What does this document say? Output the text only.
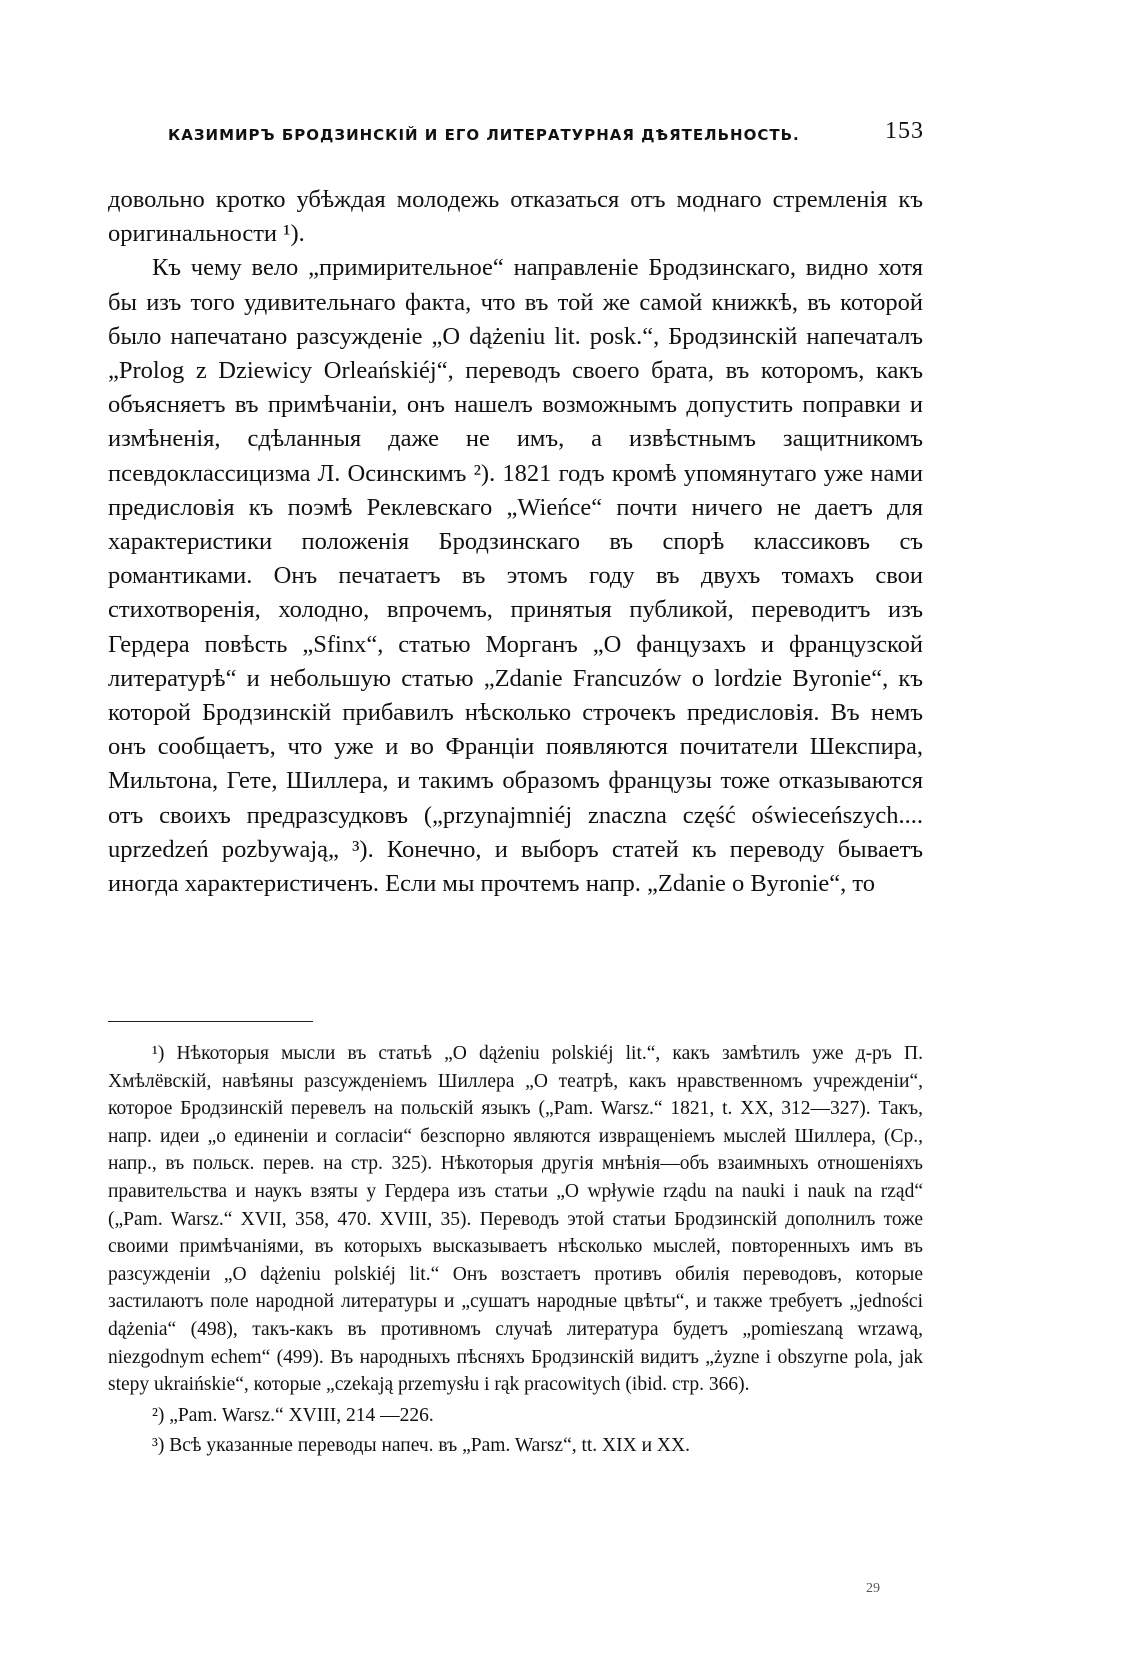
КАЗИМИРЪ БРОДЗИНСКІЙ И ЕГО ЛИТЕРАТУРНАЯ ДѢЯТЕЛЬНОСТЬ.	153

довольно кротко убѣждая молодежь отказаться отъ моднаго стремленія къ оригинальности ¹).

Къ чему вело „примирительное“ направленіе Бродзинскаго, видно хотя бы изъ того удивительнаго факта, что въ той же самой книжкѣ, въ которой было напечатано разсужденіе „O dążeniu lit. posk.“, Бродзинскій напечаталъ „Prolog z Dziewicy Orleańskiéj“, переводъ своего брата, въ которомъ, какъ объясняетъ въ примѣчаніи, онъ нашелъ возможнымъ допустить поправки и измѣненія, сдѣланныя даже не имъ, а извѣстнымъ защитникомъ псевдоклассицизма Л. Осинскимъ ²). 1821 годъ кромѣ упомянутаго уже нами предисловія къ поэмѣ Реклевскаго „Wieńce“ почти ничего не даетъ для характеристики положенія Бродзинскаго въ спорѣ классиковъ съ романтиками. Онъ печатаетъ въ этомъ году въ двухъ томахъ свои стихотворенія, холодно, впрочемъ, принятыя публикой, переводитъ изъ Гердера повѣсть „Sfinx“, статью Морганъ „О фанцузахъ и французской литературѣ“ и небольшую статью „Zdanie Francuzów o lordzie Byronie“, къ которой Бродзинскій прибавилъ нѣсколько строчекъ предисловія. Въ немъ онъ сообщаетъ, что уже и во Франціи появляются почитатели Шекспира, Мильтона, Гете, Шиллера, и такимъ образомъ французы тоже отказываются отъ своихъ предразсудковъ („przynajmniéj znaczna część oświeceńszych.... uprzedzeń pozbywają„ ³). Конечно, и выборъ статей къ переводу бываетъ иногда характеристиченъ. Если мы прочтемъ напр. „Zdanie o Byronie“, то

¹) Нѣкоторыя мысли въ статьѣ „O dążeniu polskiéj lit.“, какъ замѣтилъ уже д-ръ П. Хмѣлёвскій, навѣяны разсужденіемъ Шиллера „О театрѣ, какъ нравственномъ учрежденіи“, которое Бродзинскій перевелъ на польскій языкъ („Pam. Warsz.“ 1821, t. XX, 312—327). Такъ, напр. идеи „о единеніи и согласіи“ безспорно являются извращеніемъ мыслей Шиллера, (Ср., напр., въ польск. перев. на стр. 325). Нѣкоторыя другія мнѣнія—объ взаимныхъ отношеніяхъ правительства и наукъ взяты у Гердера изъ статьи „O wpływie rządu na nauki i nauk na rząd“ („Pam. Warsz.“ XVII, 358, 470. XVIII, 35). Переводъ этой статьи Бродзинскій дополнилъ тоже своими примѣчаніями, въ которыхъ высказываетъ нѣсколько мыслей, повторенныхъ имъ въ разсужденіи „O dążeniu polskiéj lit.“ Онъ возстаетъ противъ обилія переводовъ, которые застилаютъ поле народной литературы и „сушатъ народные цвѣты“, и также требуетъ „jedności dążenia“ (498), такъ-какъ въ противномъ случаѣ литература будетъ „pomieszaną wrzawą, niezgodnym echem“ (499). Въ народныхъ пѣсняхъ Бродзинскій видитъ „żyzne i obszyrne pola, jak stepy ukraińskie“, которые „czekają przemysłu i rąk pracowitych (ibid. стр. 366).

²) „Pam. Warsz.“ XVIII, 214 —226.

³) Всѣ указанные переводы напеч. въ „Pam. Warsz“, tt. XIX и XX.

29
